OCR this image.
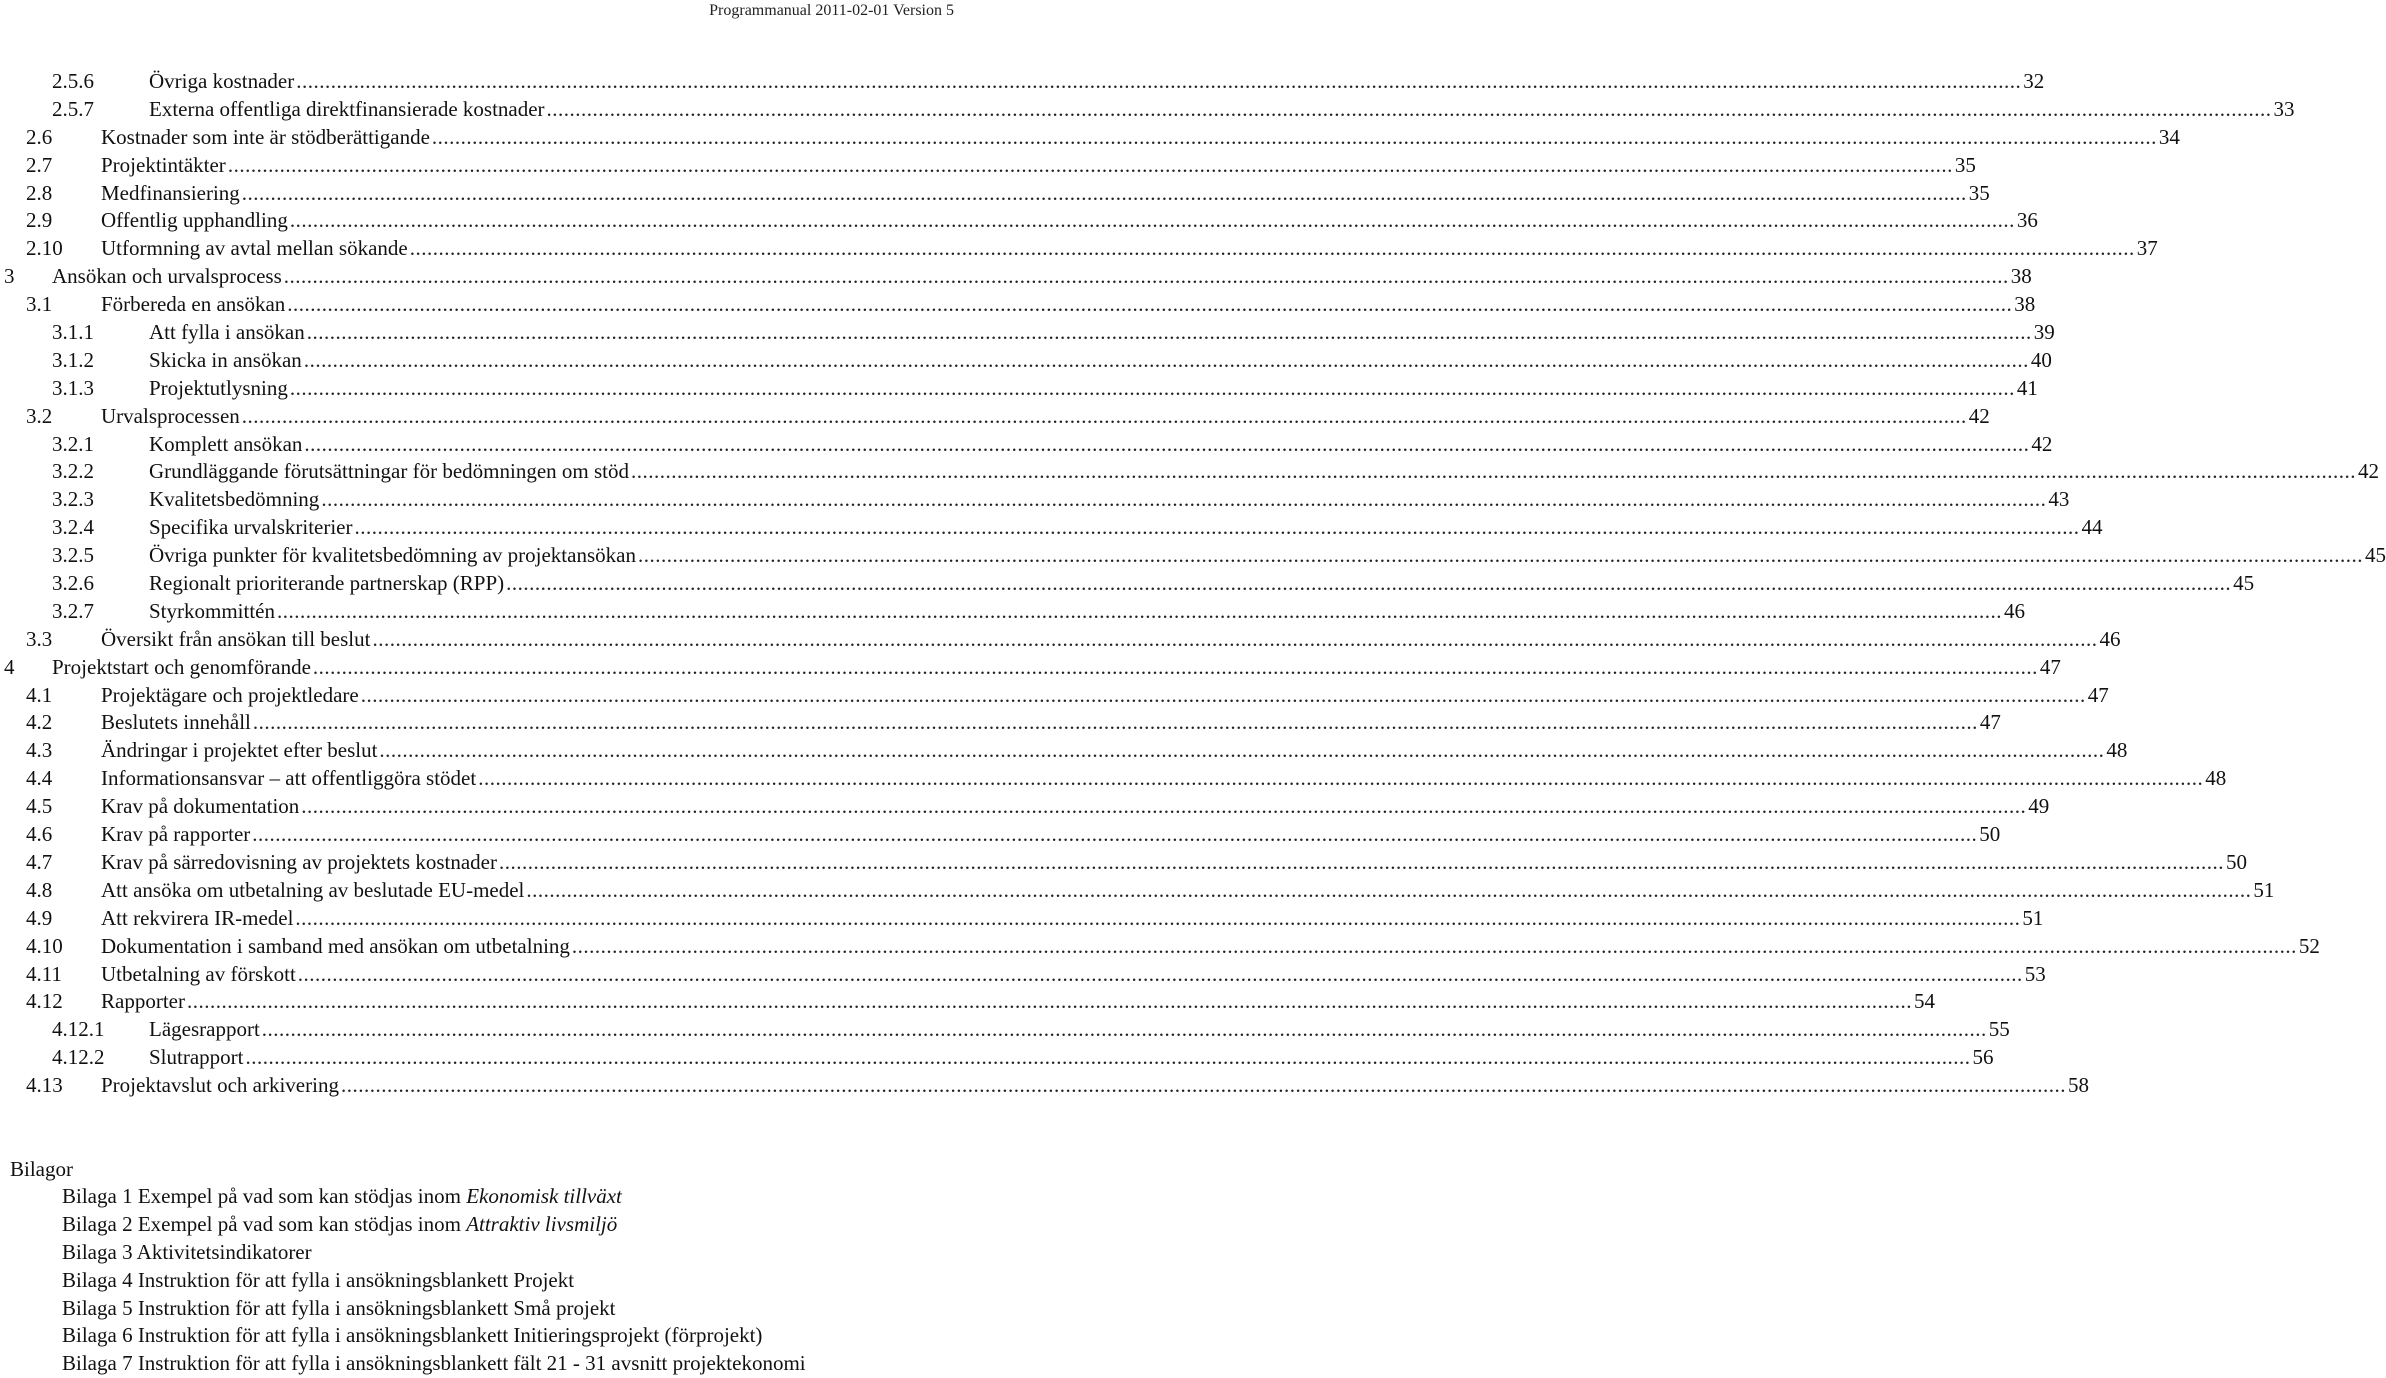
Programmanual 2011-02-01 Version 5
2.5.6	Övriga kostnader ............................................................................................................................................................................................................................................................................................................ 32
2.5.7	Externa offentliga direktfinansierade kostnader ............................................................................................................................................................................................................................................................................................................ 33
2.6 Kostnader som inte är stödberättigande ............................................................................................................................................................................................................................................................................................................ 34
2.7 Projektintäkter ............................................................................................................................................................................................................................................................................................................ 35
2.8 Medfinansiering ............................................................................................................................................................................................................................................................................................................ 35
2.9 Offentlig upphandling ............................................................................................................................................................................................................................................................................................................ 36
2.10 Utformning av avtal mellan sökande ............................................................................................................................................................................................................................................................................................................ 37
3 Ansökan och urvalsprocess ............................................................................................................................................................................................................................................................................................................ 38
3.1 Förbereda en ansökan ............................................................................................................................................................................................................................................................................................................ 38
3.1.1	Att fylla i ansökan ............................................................................................................................................................................................................................................................................................................ 39
3.1.2	Skicka in ansökan ............................................................................................................................................................................................................................................................................................................ 40
3.1.3	Projektutlysning ............................................................................................................................................................................................................................................................................................................ 41
3.2 Urvalsprocessen ............................................................................................................................................................................................................................................................................................................ 42
3.2.1	Komplett ansökan ............................................................................................................................................................................................................................................................................................................ 42
3.2.2	Grundläggande förutsättningar för bedömningen om stöd ............................................................................................................................................................................................................................................................................................................ 42
3.2.3	Kvalitetsbedömning ............................................................................................................................................................................................................................................................................................................ 43
3.2.4	Specifika urvalskriterier ............................................................................................................................................................................................................................................................................................................ 44
3.2.5	Övriga punkter för kvalitetsbedömning av projektansökan ............................................................................................................................................................................................................................................................................................................ 45
3.2.6	Regionalt prioriterande partnerskap (RPP) ............................................................................................................................................................................................................................................................................................................ 45
3.2.7	Styrkommittén ............................................................................................................................................................................................................................................................................................................ 46
3.3 Översikt från ansökan till beslut ............................................................................................................................................................................................................................................................................................................ 46
4 Projektstart och genomförande ............................................................................................................................................................................................................................................................................................................ 47
4.1 Projektägare och projektledare ............................................................................................................................................................................................................................................................................................................ 47
4.2 Beslutets innehåll ............................................................................................................................................................................................................................................................................................................ 47
4.3 Ändringar i projektet efter beslut ............................................................................................................................................................................................................................................................................................................ 48
4.4 Informationsansvar – att offentliggöra stödet ............................................................................................................................................................................................................................................................................................................ 48
4.5 Krav på dokumentation ............................................................................................................................................................................................................................................................................................................ 49
4.6 Krav på rapporter ............................................................................................................................................................................................................................................................................................................ 50
4.7 Krav på särredovisning av projektets kostnader ............................................................................................................................................................................................................................................................................................................ 50
4.8 Att ansöka om utbetalning av beslutade EU-medel ............................................................................................................................................................................................................................................................................................................ 51
4.9 Att rekvirera IR-medel ............................................................................................................................................................................................................................................................................................................ 51
4.10 Dokumentation i samband med ansökan om utbetalning ............................................................................................................................................................................................................................................................................................................ 52
4.11 Utbetalning av förskott ............................................................................................................................................................................................................................................................................................................ 53
4.12 Rapporter ............................................................................................................................................................................................................................................................................................................ 54
4.12.1 Lägesrapport ............................................................................................................................................................................................................................................................................................................ 55
4.12.2 Slutrapport ............................................................................................................................................................................................................................................................................................................ 56
4.13 Projektavslut och arkivering ............................................................................................................................................................................................................................................................................................................ 58
Bilagor
Bilaga 1 Exempel på vad som kan stödjas inom Ekonomisk tillväxt
Bilaga 2 Exempel på vad som kan stödjas inom Attraktiv livsmiljö
Bilaga 3 Aktivitetsindikatorer
Bilaga 4 Instruktion för att fylla i ansökningsblankett Projekt
Bilaga 5 Instruktion för att fylla i ansökningsblankett Små projekt
Bilaga 6 Instruktion för att fylla i ansökningsblankett Initieringsprojekt (förprojekt)
Bilaga 7 Instruktion för att fylla i ansökningsblankett fält 21 - 31 avsnitt projektekonomi
